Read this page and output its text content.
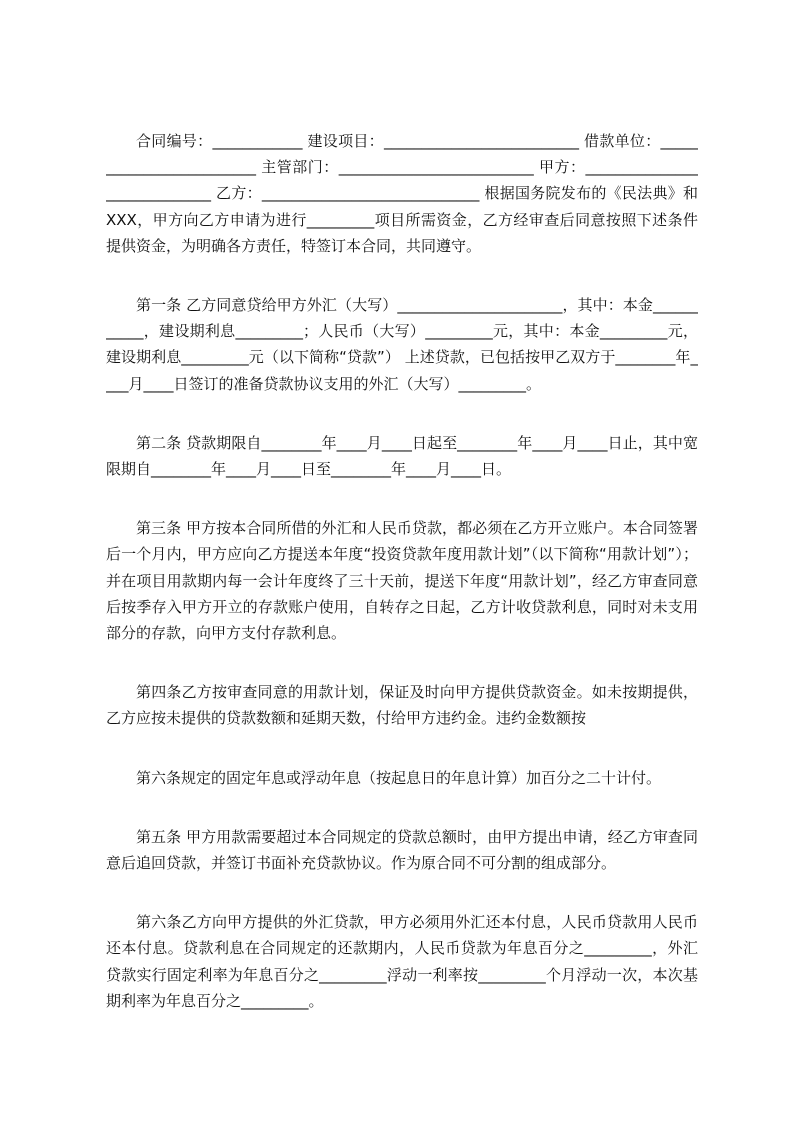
合同编号：____________ 建设项目：__________________________ 借款单位：_________________________ 主管部门：__________________________ 甲方：_____________________________ 乙方：_____________________________ 根据国务院发布的《民法典》和XXX，甲方向乙方申请为进行_________项目所需资金，乙方经审查后同意按照下述条件提供资金，为明确各方责任，特签订本合同，共同遵守。

第一条 乙方同意贷给甲方外汇（大写）______________________，其中：本金___________，建设期利息_________；人民币（大写）_________元，其中：本金_________元，建设期利息_________元（以下简称“贷款”） 上述贷款，已包括按甲乙双方于________年____月____日签订的准备贷款协议支用的外汇（大写）_________。

第二条 贷款期限自________年____月____日起至________年____月____日止，其中宽限期自________年____月____日至________年____月____日。

第三条 甲方按本合同所借的外汇和人民币贷款，都必须在乙方开立账户。本合同签署后一个月内，甲方应向乙方提送本年度“投资贷款年度用款计划”（以下简称“用款计划”）；并在项目用款期内每一会计年度终了三十天前，提送下年度“用款计划”，经乙方审查同意后按季存入甲方开立的存款账户使用，自转存之日起，乙方计收贷款利息，同时对未支用部分的存款，向甲方支付存款利息。

第四条乙方按审查同意的用款计划，保证及时向甲方提供贷款资金。如未按期提供，乙方应按未提供的贷款数额和延期天数，付给甲方违约金。违约金数额按

第六条规定的固定年息或浮动年息（按起息日的年息计算）加百分之二十计付。

第五条 甲方用款需要超过本合同规定的贷款总额时，由甲方提出申请，经乙方审查同意后追回贷款，并签订书面补充贷款协议。作为原合同不可分割的组成部分。

第六条乙方向甲方提供的外汇贷款，甲方必须用外汇还本付息，人民币贷款用人民币还本付息。贷款利息在合同规定的还款期内，人民币贷款为年息百分之_________，外汇贷款实行固定利率为年息百分之_________浮动一利率按_________个月浮动一次，本次基期利率为年息百分之_________。
